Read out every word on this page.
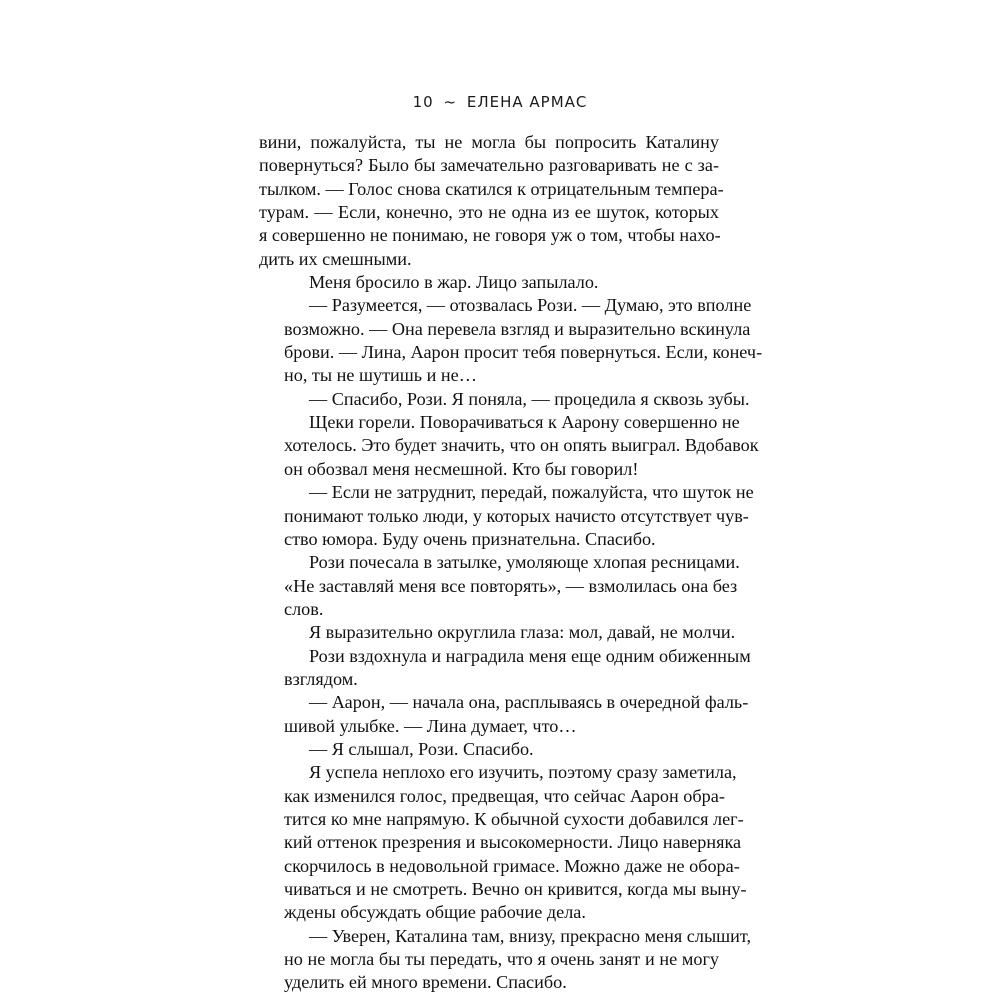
10 ~ ЕЛЕНА АРМАС

вини, пожалуйста, ты не могла бы попросить Каталину
повернуться? Было бы замечательно разговаривать не с за-
тылком. — Голос снова скатился к отрицательным темпера-
турам. — Если, конечно, это не одна из ее шуток, которых
я совершенно не понимаю, не говоря уж о том, чтобы нахо-
дить их смешными.

Меня бросило в жар. Лицо запылало.

— Разумеется, — отозвалась Рози. — Думаю, это вполне
возможно. — Она перевела взгляд и выразительно вскинула
брови. — Лина, Аарон просит тебя повернуться. Если, конеч-
но, ты не шутишь и не…

— Спасибо, Рози. Я поняла, — процедила я сквозь зубы.

Щеки горели. Поворачиваться к Аарону совершенно не
хотелось. Это будет значить, что он опять выиграл. Вдобавок
он обозвал меня несмешной. Кто бы говорил!

— Если не затруднит, передай, пожалуйста, что шуток не
понимают только люди, у которых начисто отсутствует чув-
ство юмора. Буду очень признательна. Спасибо.

Рози почесала в затылке, умоляюще хлопая ресницами.
«Не заставляй меня все повторять», — взмолилась она без
слов.

Я выразительно округлила глаза: мол, давай, не молчи.

Рози вздохнула и наградила меня еще одним обиженным
взглядом.

— Аарон, — начала она, расплываясь в очередной фаль-
шивой улыбке. — Лина думает, что…

— Я слышал, Рози. Спасибо.

Я успела неплохо его изучить, поэтому сразу заметила,
как изменился голос, предвещая, что сейчас Аарон обра-
тится ко мне напрямую. К обычной сухости добавился лег-
кий оттенок презрения и высокомерности. Лицо наверняка
скорчилось в недовольной гримасе. Можно даже не обора-
чиваться и не смотреть. Вечно он кривится, когда мы выну-
ждены обсуждать общие рабочие дела.

— Уверен, Каталина там, внизу, прекрасно меня слышит,
но не могла бы ты передать, что я очень занят и не могу
уделить ей много времени. Спасибо.
